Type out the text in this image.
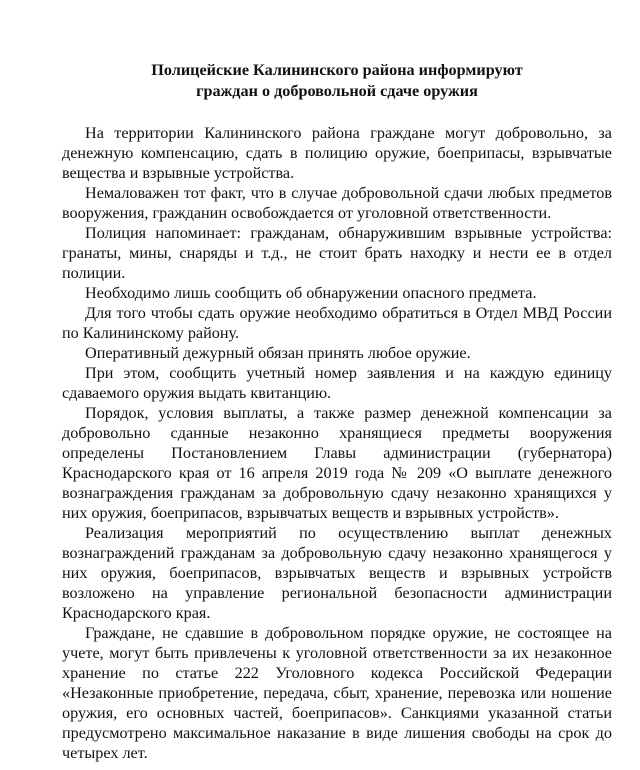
Полицейские Калининского района информируют
граждан о добровольной сдаче оружия

На территории Калининского района граждане могут добровольно, за денежную компенсацию, сдать в полицию оружие, боеприпасы, взрывчатые вещества и взрывные устройства.

Немаловажен тот факт, что в случае добровольной сдачи любых предметов вооружения, гражданин освобождается от уголовной ответственности.

Полиция напоминает: гражданам, обнаружившим взрывные устройства: гранаты, мины, снаряды и т.д., не стоит брать находку и нести ее в отдел полиции.

Необходимо лишь сообщить об обнаружении опасного предмета.

Для того чтобы сдать оружие необходимо обратиться в Отдел МВД России по Калининскому району.

Оперативный дежурный обязан принять любое оружие.

При этом, сообщить учетный номер заявления и на каждую единицу сдаваемого оружия выдать квитанцию.

Порядок, условия выплаты, а также размер денежной компенсации за добровольно сданные незаконно хранящиеся предметы вооружения определены Постановлением Главы администрации (губернатора) Краснодарского края от 16 апреля 2019 года № 209 «О выплате денежного вознаграждения гражданам за добровольную сдачу незаконно хранящихся у них оружия, боеприпасов, взрывчатых веществ и взрывных устройств».

Реализация мероприятий по осуществлению выплат денежных вознаграждений гражданам за добровольную сдачу незаконно хранящегося у них оружия, боеприпасов, взрывчатых веществ и взрывных устройств возложено на управление региональной безопасности администрации Краснодарского края.

Граждане, не сдавшие в добровольном порядке оружие, не состоящее на учете, могут быть привлечены к уголовной ответственности за их незаконное хранение по статье 222 Уголовного кодекса Российской Федерации «Незаконные приобретение, передача, сбыт, хранение, перевозка или ношение оружия, его основных частей, боеприпасов». Санкциями указанной статьи предусмотрено максимальное наказание в виде лишения свободы на срок до четырех лет.
